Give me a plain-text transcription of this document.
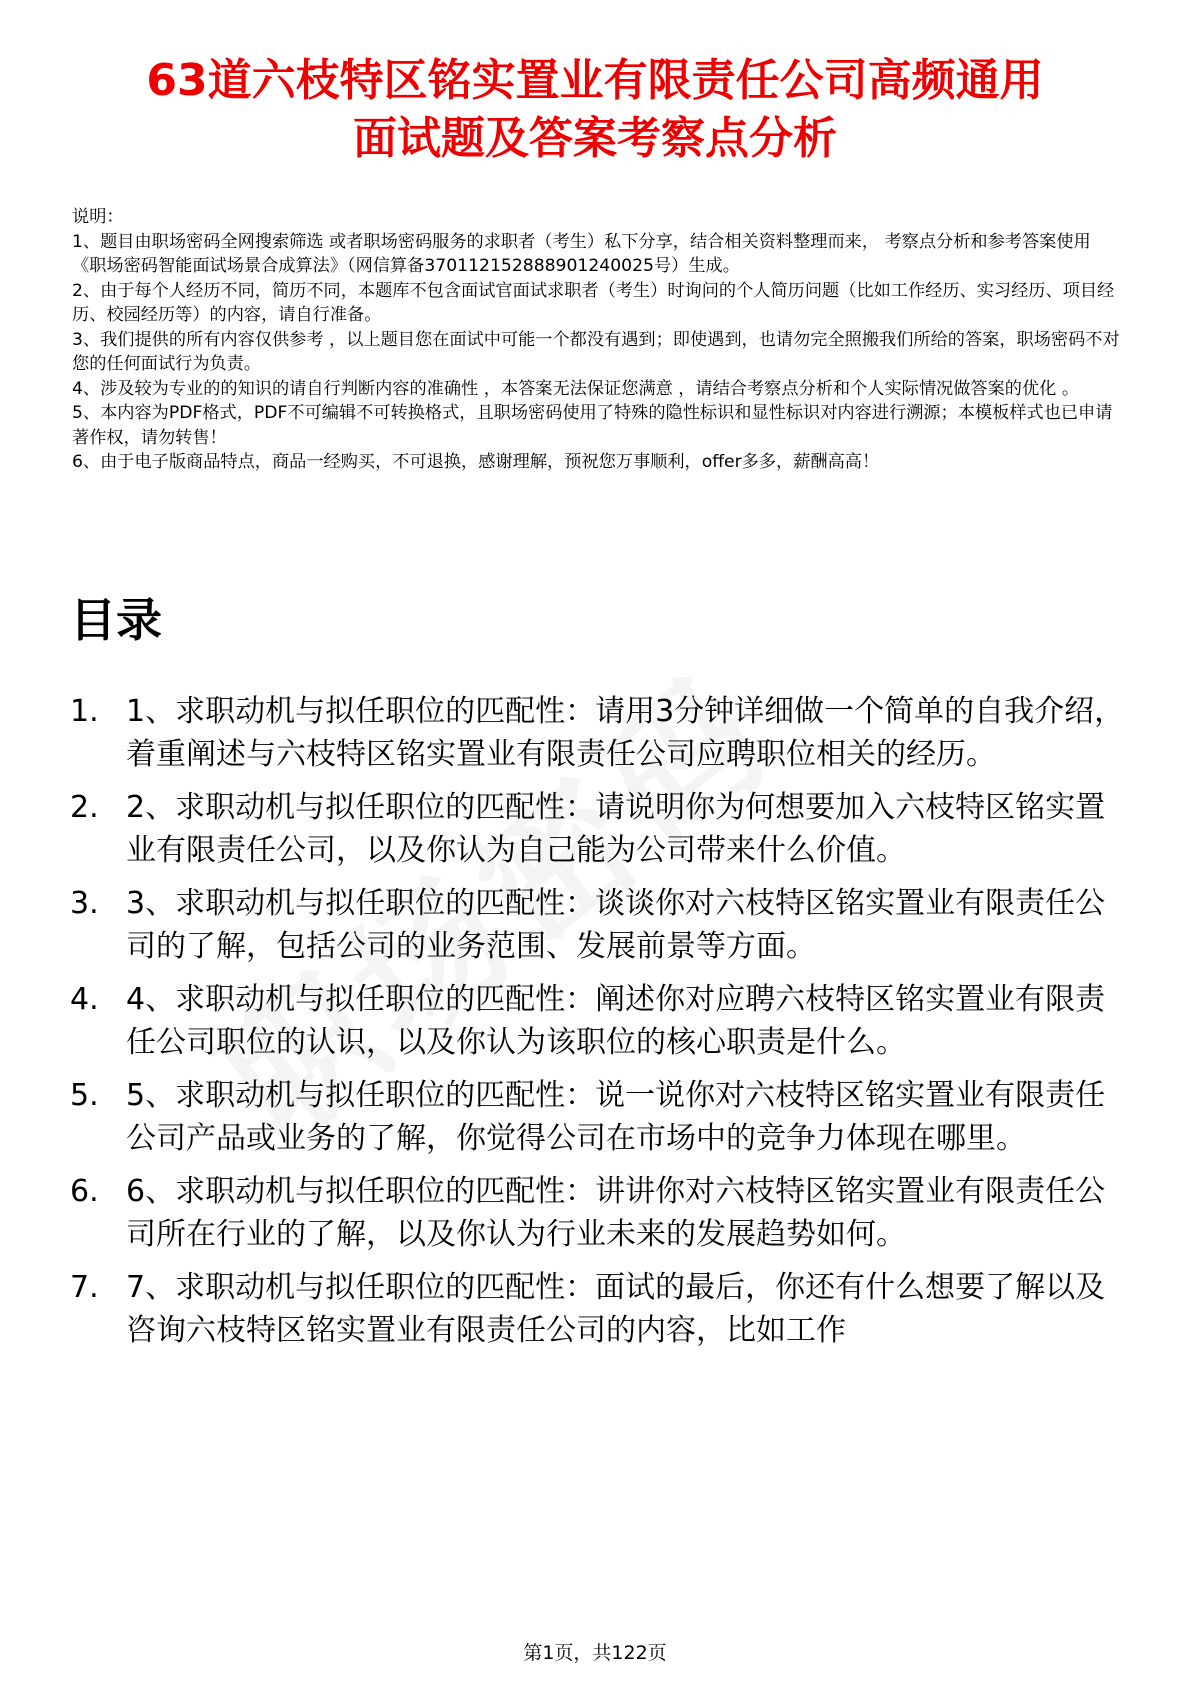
63道六枝特区铭实置业有限责任公司高频通用
面试题及答案考察点分析

说明：

1、题目由职场密码全网搜索筛选 或者职场密码服务的求职者（考生）私下分享，结合相关资料整理而来， 考察点分析和参考答案使用《职场密码智能面试场景合成算法》（网信算备370112152888901240025号）生成。

2、由于每个人经历不同，简历不同，本题库不包含面试官面试求职者（考生）时询问的个人简历问题（比如工作经历、实习经历、项目经历、校园经历等）的内容，请自行准备。

3、我们提供的所有内容仅供参考 ，以上题目您在面试中可能一个都没有遇到；即使遇到，也请勿完全照搬我们所给的答案，职场密码不对您的任何面试行为负责。

4、涉及较为专业的的知识的请自行判断内容的准确性 ，本答案无法保证您满意 ，请结合考察点分析和个人实际情况做答案的优化 。

5、本内容为PDF格式，PDF不可编辑不可转换格式，且职场密码使用了特殊的隐性标识和显性标识对内容进行溯源；本模板样式也已申请著作权，请勿转售！

6、由于电子版商品特点，商品一经购买，不可退换，感谢理解，预祝您万事顺利，offer多多，薪酬高高！

目录
1. 1、求职动机与拟任职位的匹配性：请用3分钟详细做一个简单的自我介绍，着重阐述与六枝特区铭实置业有限责任公司应聘职位相关的经历。
2. 2、求职动机与拟任职位的匹配性：请说明你为何想要加入六枝特区铭实置业有限责任公司，以及你认为自己能为公司带来什么价值。
3. 3、求职动机与拟任职位的匹配性：谈谈你对六枝特区铭实置业有限责任公司的了解，包括公司的业务范围、发展前景等方面。
4. 4、求职动机与拟任职位的匹配性：阐述你对应聘六枝特区铭实置业有限责任公司职位的认识，以及你认为该职位的核心职责是什么。
5. 5、求职动机与拟任职位的匹配性：说一说你对六枝特区铭实置业有限责任公司产品或业务的了解，你觉得公司在市场中的竞争力体现在哪里。
6. 6、求职动机与拟任职位的匹配性：讲讲你对六枝特区铭实置业有限责任公司所在行业的了解，以及你认为行业未来的发展趋势如何。
7. 7、求职动机与拟任职位的匹配性：面试的最后，你还有什么想要了解以及咨询六枝特区铭实置业有限责任公司的内容，比如工作
第1页，共122页
